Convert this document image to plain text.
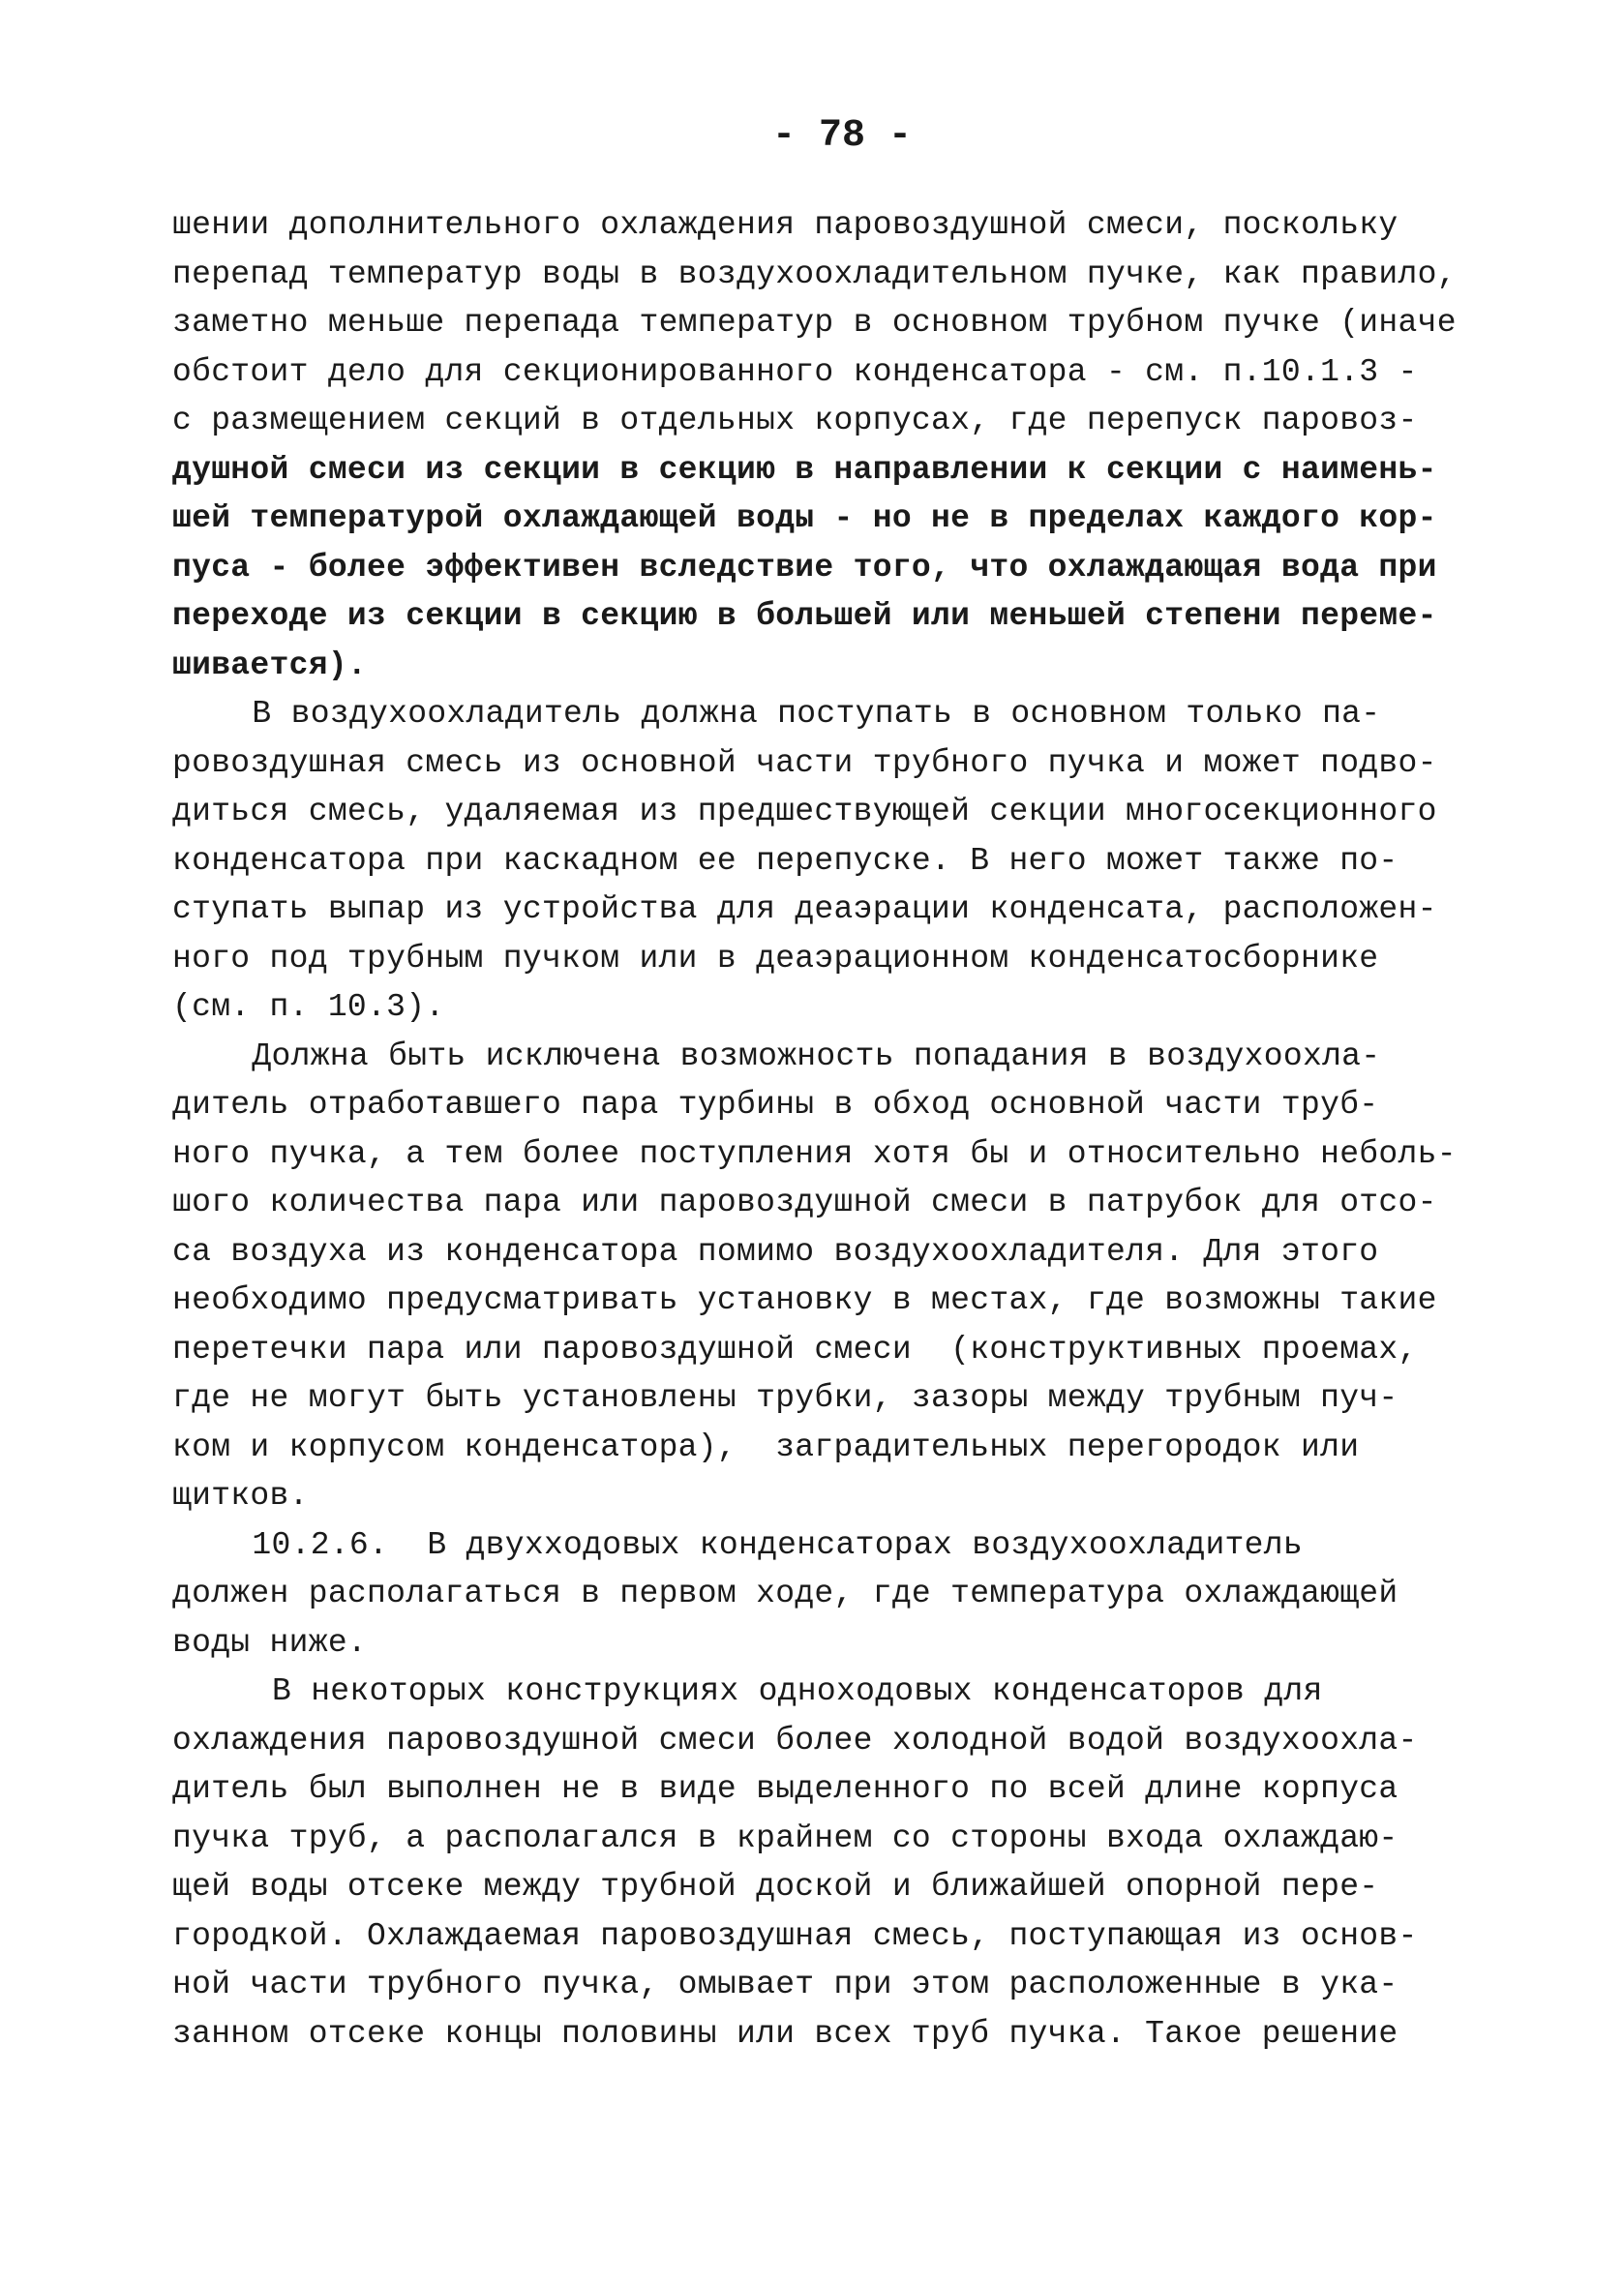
- 78 -
шении дополнительного охлаждения паровоздушной смеси, поскольку
перепад температур воды в воздухоохладительном пучке, как правило,
заметно меньше перепада температур в основном трубном пучке (иначе
обстоит дело для секционированного конденсатора - см. п.10.1.3 -
с размещением секций в отдельных корпусах, где перепуск паровоз-
душной смеси из секции в секцию в направлении к секции с наимень-
шей температурой охлаждающей воды - но не в пределах каждого кор-
пуса - более эффективен вследствие того, что охлаждающая вода при
переходе из секции в секцию в большей или меньшей степени переме-
шивается).
В воздухоохладитель должна поступать в основном только па-
ровоздушная смесь из основной части трубного пучка и может подво-
диться смесь, удаляемая из предшествующей секции многосекционного
конденсатора при каскадном ее перепуске. В него может также по-
ступать выпар из устройства для деаэрации конденсата, расположен-
ного под трубным пучком или в деаэрационном конденсатосборнике
(см. п. 10.3).
Должна быть исключена возможность попадания в воздухоохла-
дитель отработавшего пара турбины в обход основной части труб-
ного пучка, а тем более поступления хотя бы и относительно неболь-
шого количества пара или паровоздушной смеси в патрубок для отсо-
са воздуха из конденсатора помимо воздухоохладителя. Для этого
необходимо предусматривать установку в местах, где возможны такие
перетечки пара или паровоздушной смеси  (конструктивных проемах,
где не могут быть установлены трубки, зазоры между трубным пуч-
ком и корпусом конденсатора),  заградительных перегородок или
щитков.
10.2.6.  В двухходовых конденсаторах воздухоохладитель
должен располагаться в первом ходе, где температура охлаждающей
воды ниже.
В некоторых конструкциях одноходовых конденсаторов для
охлаждения паровоздушной смеси более холодной водой воздухоохла-
дитель был выполнен не в виде выделенного по всей длине корпуса
пучка труб, а располагался в крайнем со стороны входа охлаждаю-
щей воды отсеке между трубной доской и ближайшей опорной пере-
городкой. Охлаждаемая паровоздушная смесь, поступающая из основ-
ной части трубного пучка, омывает при этом расположенные в ука-
занном отсеке концы половины или всех труб пучка. Такое решение
